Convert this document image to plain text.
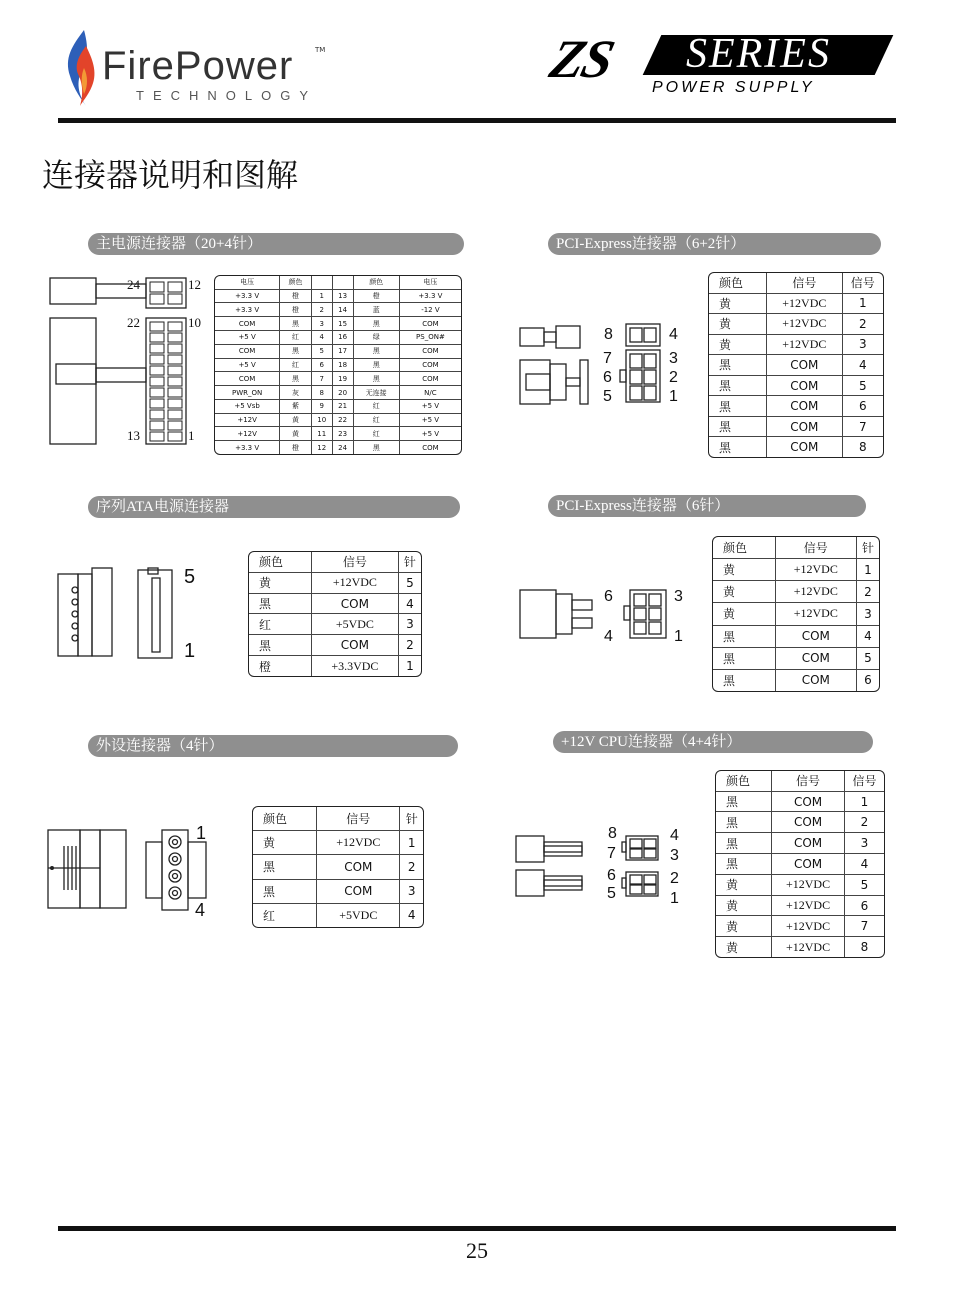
FirePower	TM
TECHNOLOGY
ZS SERIES
POWER SUPPLY
连接器说明和图解
主电源连接器（20+4针）
24	12
22	10
13	1
电压	颜色			颜色	电压
+3.3 V	橙	1	13	橙	+3.3 V
+3.3 V	橙	2	14	蓝	-12 V
COM	黑	3	15	黑	COM
+5 V	红	4	16	绿	PS_ON#
COM	黑	5	17	黑	COM
+5 V	红	6	18	黑	COM
COM	黑	7	19	黑	COM
PWR_ON	灰	8	20	无连接	N/C
+5 Vsb	紫	9	21	红	+5 V
+12V	黄	10	22	红	+5 V
+12V	黄	11	23	红	+5 V
+3.3 V	橙	12	24	黑	COM
PCI-Express连接器（6+2针）
8	4
7	3
6	2
5	1
颜色	信号	信号
黄	+12VDC	1
黄	+12VDC	2
黄	+12VDC	3
黑	COM	4
黑	COM	5
黑	COM	6
黑	COM	7
黑	COM	8
序列ATA电源连接器
5
1
颜色	信号	针
黄	+12VDC	5
黑	COM	4
红	+5VDC	3
黑	COM	2
橙	+3.3VDC	1
PCI-Express连接器（6针）
6	3
4	1
颜色	信号	针
黄	+12VDC	1
黄	+12VDC	2
黄	+12VDC	3
黑	COM	4
黑	COM	5
黑	COM	6
外设连接器（4针）
1
4
颜色	信号	针
黄	+12VDC	1
黑	COM	2
黑	COM	3
红	+5VDC	4
+12V CPU连接器（4+4针）
8	4
7	3
6	2
5	1
颜色	信号	信号
黑	COM	1
黑	COM	2
黑	COM	3
黑	COM	4
黄	+12VDC	5
黄	+12VDC	6
黄	+12VDC	7
黄	+12VDC	8
25
